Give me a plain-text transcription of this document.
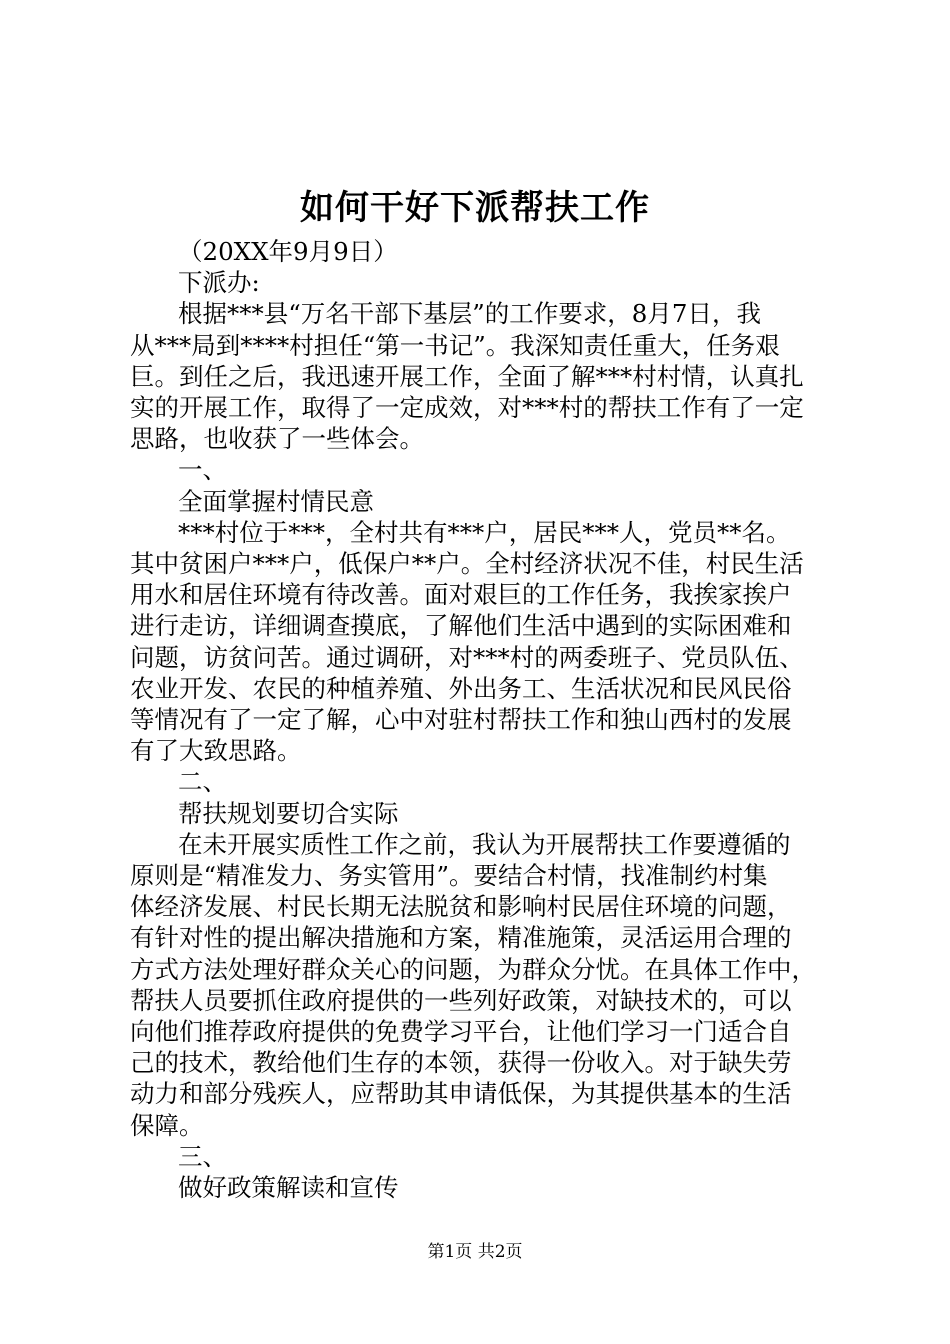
如何干好下派帮扶工作
（20XX年9月9日）
下派办:
根据***县“万名干部下基层”的工作要求，8月7日，我
从***局到****村担任“第一书记”。我深知责任重大，任务艰
巨。到任之后，我迅速开展工作，全面了解***村村情，认真扎
实的开展工作，取得了一定成效，对***村的帮扶工作有了一定
思路，也收获了一些体会。
一、
全面掌握村情民意
***村位于***，全村共有***户，居民***人，党员**名。
其中贫困户***户，低保户**户。全村经济状况不佳，村民生活
用水和居住环境有待改善。面对艰巨的工作任务，我挨家挨户
进行走访，详细调查摸底，了解他们生活中遇到的实际困难和
问题，访贫问苦。通过调研，对***村的两委班子、党员队伍、
农业开发、农民的种植养殖、外出务工、生活状况和民风民俗
等情况有了一定了解，心中对驻村帮扶工作和独山西村的发展
有了大致思路。
二、
帮扶规划要切合实际
在未开展实质性工作之前，我认为开展帮扶工作要遵循的
原则是“精准发力、务实管用”。要结合村情，找准制约村集
体经济发展、村民长期无法脱贫和影响村民居住环境的问题，
有针对性的提出解决措施和方案，精准施策，灵活运用合理的
方式方法处理好群众关心的问题，为群众分忧。在具体工作中，
帮扶人员要抓住政府提供的一些列好政策，对缺技术的，可以
向他们推荐政府提供的免费学习平台，让他们学习一门适合自
己的技术，教给他们生存的本领，获得一份收入。对于缺失劳
动力和部分残疾人，应帮助其申请低保，为其提供基本的生活
保障。
三、
做好政策解读和宣传
第1页 共2页
